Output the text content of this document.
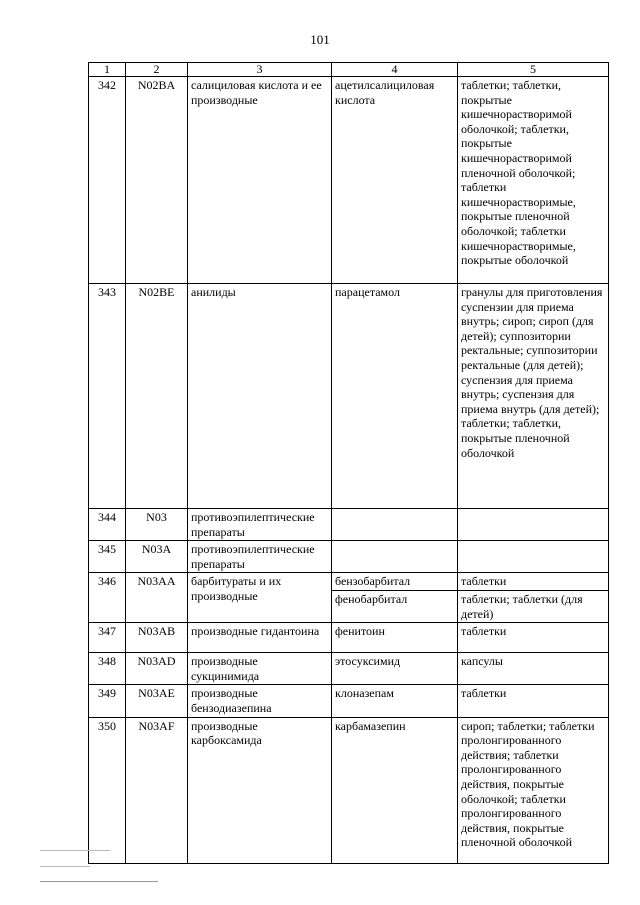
101
1	2	3	4	5
342	N02BA	салициловая кислота и ее производные	ацетилсалициловая кислота	таблетки; таблетки, покрытые кишечнорастворимой оболочкой; таблетки, покрытые кишечнорастворимой пленочной оболочкой; таблетки кишечнорастворимые, покрытые пленочной оболочкой; таблетки кишечнорастворимые, покрытые оболочкой
343	N02BE	анилиды	парацетамол	гранулы для приготовления суспензии для приема внутрь; сироп; сироп (для детей); суппозитории ректальные; суппозитории ректальные (для детей); суспензия для приема внутрь; суспензия для приема внутрь (для детей); таблетки; таблетки, покрытые пленочной оболочкой
344	N03	противоэпилептические препараты		
345	N03A	противоэпилептические препараты		
346	N03AA	барбитураты и их производные	бензобарбитал	таблетки
			фенобарбитал	таблетки; таблетки (для детей)
347	N03AB	производные гидантоина	фенитоин	таблетки
348	N03AD	производные сукцинимида	этосуксимид	капсулы
349	N03AE	производные бензодиазепина	клоназепам	таблетки
350	N03AF	производные карбоксамида	карбамазепин	сироп; таблетки; таблетки пролонгированного действия; таблетки пролонгированного действия, покрытые оболочкой; таблетки пролонгированного действия, покрытые пленочной оболочкой
